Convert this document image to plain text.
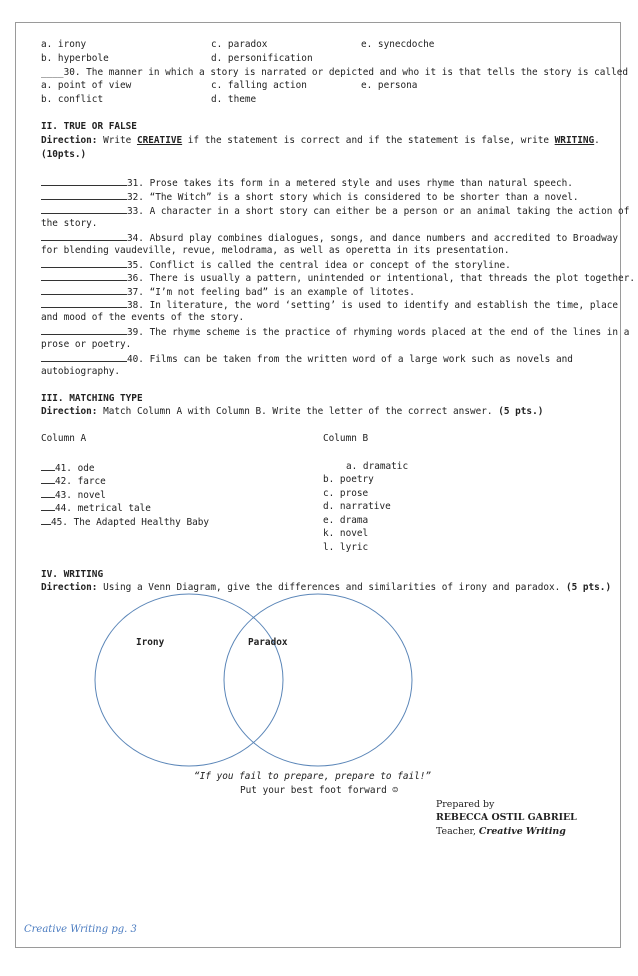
a. irony	c. paradox	e. synecdoche
b. hyperbole	d. personification
____30. The manner in which a story is narrated or depicted and who it is that tells the story is called
a. point of view	c. falling action	e. persona
b. conflict	d. theme
II. TRUE OR FALSE
Direction: Write CREATIVE if the statement is correct and if the statement is false, write WRITING.
(10pts.)
31. Prose takes its form in a metered style and uses rhyme than natural speech.
32. “The Witch” is a short story which is considered to be shorter than a novel.
33. A character in a short story can either be a person or an animal taking the action of
the story.
34. Absurd play combines dialogues, songs, and dance numbers and accredited to Broadway
for blending vaudeville, revue, melodrama, as well as operetta in its presentation.
35. Conflict is called the central idea or concept of the storyline.
36. There is usually a pattern, unintended or intentional, that threads the plot together.
37. “I’m not feeling bad” is an example of litotes.
38. In literature, the word ‘setting’ is used to identify and establish the time, place
and mood of the events of the story.
39. The rhyme scheme is the practice of rhyming words placed at the end of the lines in a
prose or poetry.
40. Films can be taken from the written word of a large work such as novels and
autobiography.
III. MATCHING TYPE
Direction: Match Column A with Column B. Write the letter of the correct answer. (5 pts.)
Column A	Column B
41. ode
42. farce
43. novel
44. metrical tale
45. The Adapted Healthy Baby
a. dramatic
b. poetry
c. prose
d. narrative
e. drama
k. novel
l. lyric
IV. WRITING
Direction: Using a Venn Diagram, give the differences and similarities of irony and paradox. (5 pts.)
Irony	Paradox
“If you fail to prepare, prepare to fail!”
Put your best foot forward ☺
Prepared by
REBECCA OSTIL GABRIEL
Teacher, Creative Writing
Creative Writing pg. 3
